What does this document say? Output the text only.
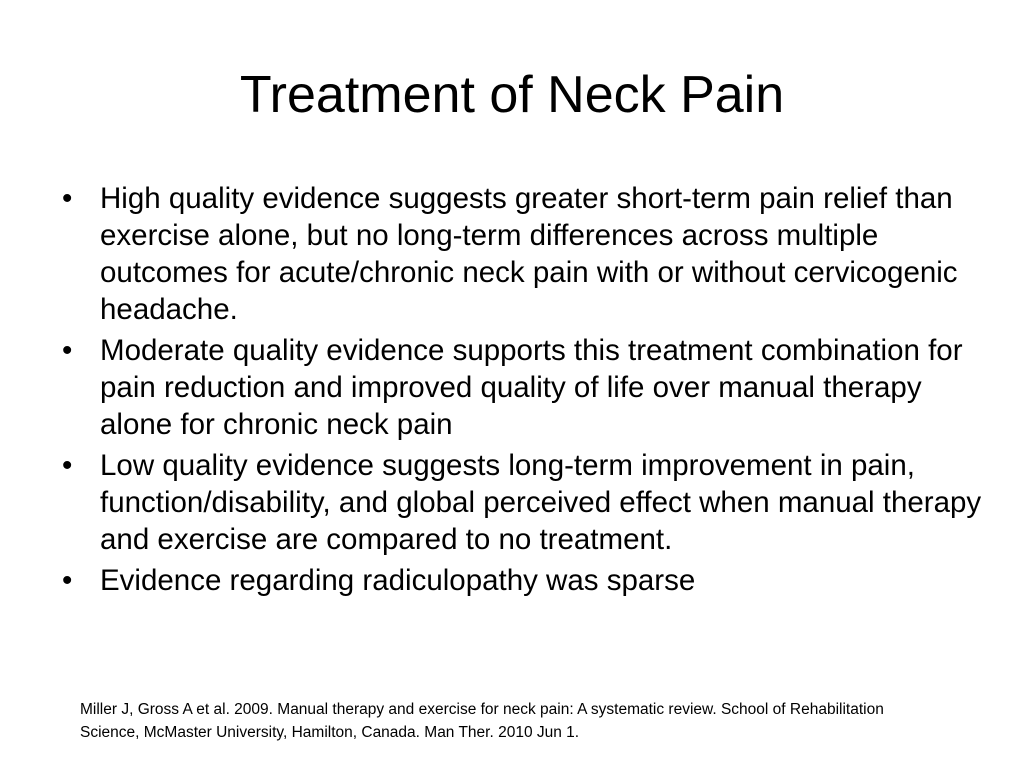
Treatment of Neck Pain
• High quality evidence suggests greater short-term pain relief than exercise alone, but no long-term differences across multiple outcomes for acute/chronic neck pain with or without cervicogenic headache.
• Moderate quality evidence supports this treatment combination for pain reduction and improved quality of life over manual therapy alone for chronic neck pain
• Low quality evidence suggests long-term improvement in pain, function/disability, and global perceived effect when manual therapy and exercise are compared to no treatment.
• Evidence regarding radiculopathy was sparse

Miller J, Gross A et al. 2009. Manual therapy and exercise for neck pain: A systematic review. School of Rehabilitation Science, McMaster University, Hamilton, Canada. Man Ther. 2010 Jun 1.
